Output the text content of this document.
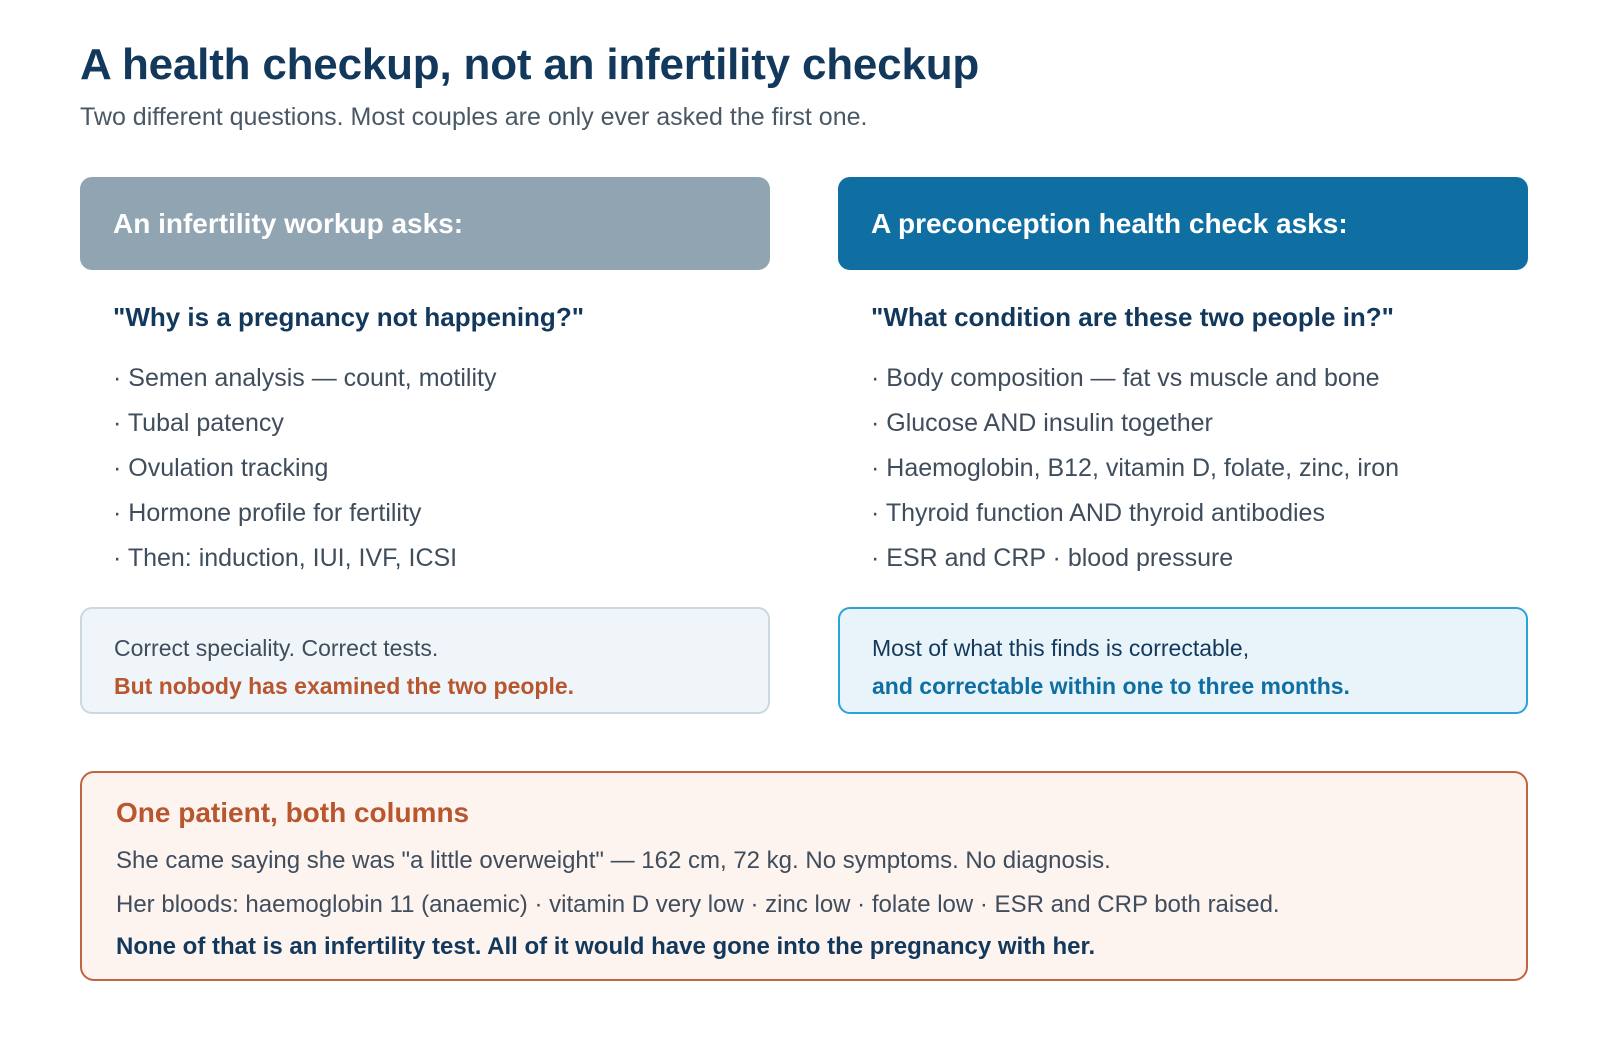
A health checkup, not an infertility checkup
Two different questions. Most couples are only ever asked the first one.
An infertility workup asks:
"Why is a pregnancy not happening?"
· Semen analysis — count, motility
· Tubal patency
· Ovulation tracking
· Hormone profile for fertility
· Then: induction, IUI, IVF, ICSI
Correct speciality. Correct tests.
But nobody has examined the two people.
A preconception health check asks:
"What condition are these two people in?"
· Body composition — fat vs muscle and bone
· Glucose AND insulin together
· Haemoglobin, B12, vitamin D, folate, zinc, iron
· Thyroid function AND thyroid antibodies
· ESR and CRP · blood pressure
Most of what this finds is correctable,
and correctable within one to three months.
One patient, both columns
She came saying she was "a little overweight" — 162 cm, 72 kg. No symptoms. No diagnosis.
Her bloods: haemoglobin 11 (anaemic) · vitamin D very low · zinc low · folate low · ESR and CRP both raised.
None of that is an infertility test. All of it would have gone into the pregnancy with her.
